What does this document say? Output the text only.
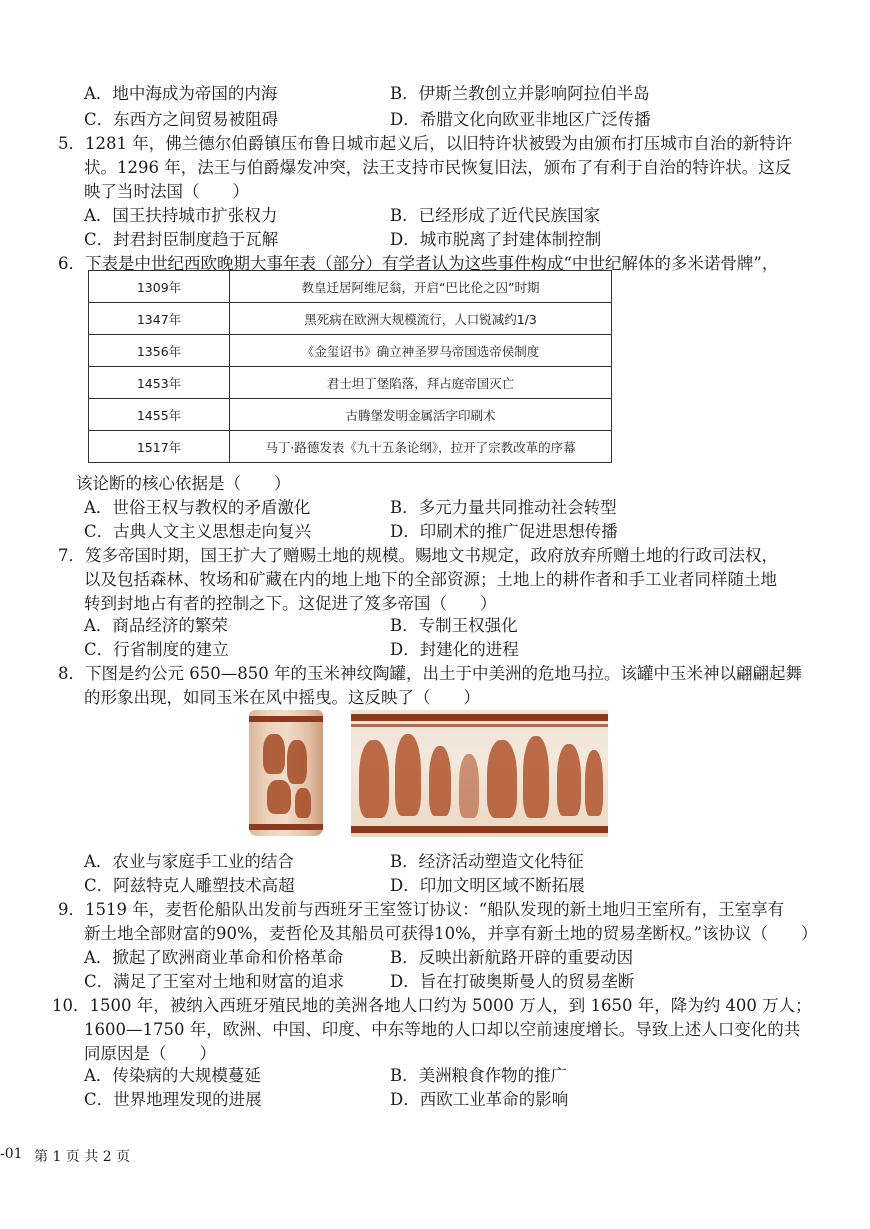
A．地中海成为帝国的内海	B．伊斯兰教创立并影响阿拉伯半岛
C．东西方之间贸易被阻碍	D．希腊文化向欧亚非地区广泛传播
5．1281 年，佛兰德尔伯爵镇压布鲁日城市起义后，以旧特许状被毁为由颁布打压城市自治的新特许
状。1296 年，法王与伯爵爆发冲突，法王支持市民恢复旧法，颁布了有利于自治的特许状。这反
映了当时法国（　　）
A．国王扶持城市扩张权力	B．已经形成了近代民族国家
C．封君封臣制度趋于瓦解	D．城市脱离了封建体制控制
6．下表是中世纪西欧晚期大事年表（部分）有学者认为这些事件构成“中世纪解体的多米诺骨牌”，
1309年	教皇迁居阿维尼翁，开启“巴比伦之囚”时期
1347年	黑死病在欧洲大规模流行，人口锐减约1/3
1356年	《金玺诏书》确立神圣罗马帝国选帝侯制度
1453年	君士坦丁堡陷落，拜占庭帝国灭亡
1455年	古腾堡发明金属活字印刷术
1517年	马丁·路德发表《九十五条论纲》，拉开了宗教改革的序幕
该论断的核心依据是（　　）
A．世俗王权与教权的矛盾激化	B．多元力量共同推动社会转型
C．古典人文主义思想走向复兴	D．印刷术的推广促进思想传播
7．笈多帝国时期，国王扩大了赠赐土地的规模。赐地文书规定，政府放弃所赠土地的行政司法权，
以及包括森林、牧场和矿藏在内的地上地下的全部资源；土地上的耕作者和手工业者同样随土地
转到封地占有者的控制之下。这促进了笈多帝国（　　）
A．商品经济的繁荣	B．专制王权强化
C．行省制度的建立	D．封建化的进程
8．下图是约公元 650—850 年的玉米神纹陶罐，出土于中美洲的危地马拉。该罐中玉米神以翩翩起舞
的形象出现，如同玉米在风中摇曳。这反映了（　　）
A．农业与家庭手工业的结合	B．经济活动塑造文化特征
C．阿兹特克人雕塑技术高超	D．印加文明区域不断拓展
9．1519 年，麦哲伦船队出发前与西班牙王室签订协议：“船队发现的新土地归王室所有，王室享有
新土地全部财富的90%，麦哲伦及其船员可获得10%，并享有新土地的贸易垄断权。”该协议（　　）
A．掀起了欧洲商业革命和价格革命	B．反映出新航路开辟的重要动因
C．满足了王室对土地和财富的追求	D．旨在打破奥斯曼人的贸易垄断
10．1500 年，被纳入西班牙殖民地的美洲各地人口约为 5000 万人，到 1650 年，降为约 400 万人；
1600—1750 年，欧洲、中国、印度、中东等地的人口却以空前速度增长。导致上述人口变化的共
同原因是（　　）
A．传染病的大规模蔓延	B．美洲粮食作物的推广
C．世界地理发现的进展	D．西欧工业革命的影响
-01 第 1 页 共 2 页
